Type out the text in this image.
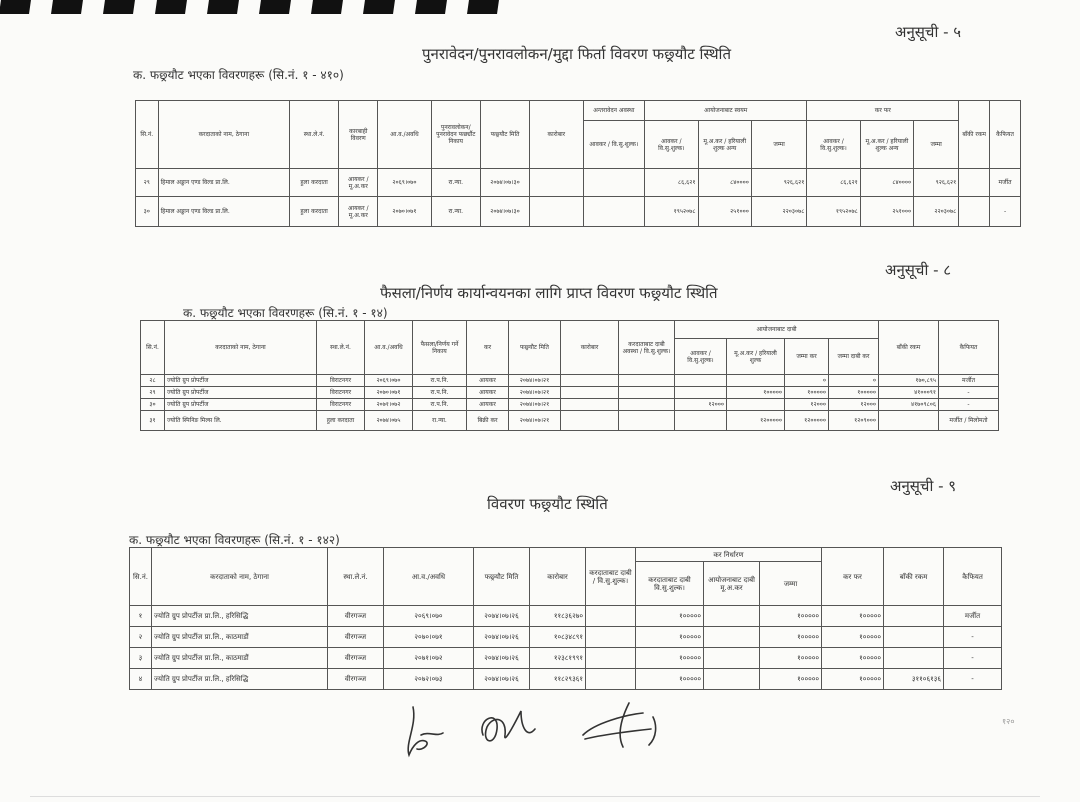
अनुसूची - ५
पुनरावेदन/पुनरावलोकन/मुद्दा फिर्ता विवरण फछ्र्यौट स्थिति
क. फछ्र्यौट भएका विवरणहरू (सि.नं. १ - ४१०)
सि.नं.	करदाताको नाम, ठेगाना	स्था.ले.नं.	कारबाही विवरण	आ.व./अवधि	पुनरावलोकन/पुनरावेदन फर्छ्यौट निकाय	फछ्र्यौट मिति	कारोबार	अन्तरावेदन अवस्था	आयोजनाबाट स्वयम			कर फर			बाँकी रकम	कैफियत
								आवकर / वि.सु.शुल्क।	आवकर / वि.सु.शुल्क।	मू.अ.कर / हरियाली शुल्क अन्य	जम्मा	आवकर / वि.सु.शुल्क।	मू.अ.कर / हरियाली शुल्क अन्य	जम्मा		
२९	हिमाल अड्डान एण्ड विल्ड प्रा.लि.	हुला करदाता	आयकर / मू.अ.कर	२०६९।०७०	रा.न्या.	२०७४।०७।३०			८६,६२१	८४००००	९२६,६२१	८६,६२१	८४००००	९२६,६२१		मर्जीत
३०	हिमाल अड्डान एण्ड विल्ड प्रा.लि.	हुला करदाता	आयकर / मू.अ.कर	२०७०।०७१	रा.न्या.	२०७४।०७।३०			१९५२०७८	२५१०००	२२०३०७८	१९५२०७८	२५१०००	२२०३०७८		-
अनुसूची - ८
फैसला/निर्णय कार्यान्वयनका लागि प्राप्त विवरण फछ्र्यौट स्थिति
क. फछ्र्यौट भएका विवरणहरू (सि.नं. १ - १४)
सि.नं.	करदाताको नाम, ठेगाना	स्था.ले.नं.	आ.व./अवधि	फैसला/निर्णय गर्ने निकाय	कर	फछ्र्यौट मिति	कारोबार	करदाताबाट दाबी अवस्था / वि.सु.शुल्क।	आयोजनाबाट दाबी				बाँकी रकम	कैफियत
									आवकर / वि.सु.शुल्क।	मू.अ.कर / हरियाली शुल्क	जम्मा कर	जम्मा दाबी कर		
२८	ज्योति ग्रुप प्रोपर्टीज	विराटनगर	२०६९।०७०	रा.प.नि.	आयकर	२०७४।०७।२१					०	०	१७०,८९५	मर्जीत
२९	ज्योति ग्रुप प्रोपर्टीज	विराटनगर	२०७०।०७१	रा.प.नि.	आयकर	२०७४।०७।२१				१०००००	१०००००	१०००००	४१०००९१	-
३०	ज्योति ग्रुप प्रोपर्टीज	विराटनगर	२०७१।०७२	रा.प.नि.	आयकर	२०७४।०७।२१			१२०००		१२०००	१२०००	४१७०९८०६	-
३१	ज्योति स्पिनिङ मिल्स लि.	हुला करदाता	२०७४।०७५	रा.न्या.	बिक्री कर	२०७४।०७।२१				१२०००००	१२०००००	१२०९०००		मर्जीत / मिलोमतो
अनुसूची - ९
विवरण फछ्र्यौट स्थिति
क. फछ्र्यौट भएका विवरणहरू (सि.नं. १ - १४२)
सि.नं.	करदाताको नाम, ठेगाना	स्था.ले.नं.	आ.व./अवधि	फछ्र्यौट मिति	कारोबार	करदाताबाट दाबी / वि.सु.शुल्क।	कर निर्धारण			कर फर	बाँकी रकम	कैफियत
							करदाताबाट दाबी वि.सु.शुल्क।	आयोजनाबाट दाबी मू.अ.कर	जम्मा			
१	ज्योति ग्रुप प्रोपर्टीज प्रा.लि., हरिसिद्धि	वीरगञ्ज	२०६९।०७०	२०७४।०७।२६	११८३६२७०		१०००००		१०००००	१०००००		मर्जीत
२	ज्योति ग्रुप प्रोपर्टीज प्रा.लि., काठमाडौं	वीरगञ्ज	२०७०।०७१	२०७४।०७।२६	१०८३४८९१		१०००००		१०००००	१०००००		-
३	ज्योति ग्रुप प्रोपर्टीज प्रा.लि., काठमाडौं	वीरगञ्ज	२०७१।०७२	२०७४।०७।२६	१२३८१९९१		१०००००		१०००००	१०००००		-
४	ज्योति ग्रुप प्रोपर्टीज प्रा.लि., हरिसिद्धि	वीरगञ्ज	२०७२।०७३	२०७४।०७।२६	११८२९३६१		१०००००		१०००००	१०००००	३११०६१३६	-
१२०
